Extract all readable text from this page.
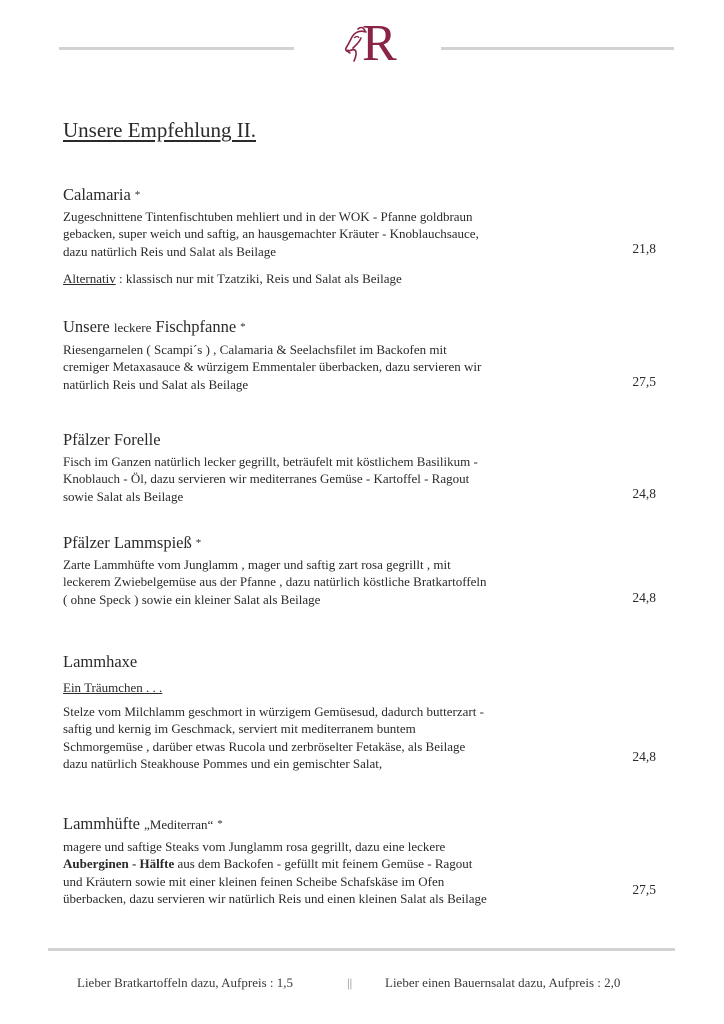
R
Unsere Empfehlung II.
Calamaria *
Zugeschnittene Tintenfischtuben mehliert und in der WOK - Pfanne goldbraun gebacken, super weich und saftig, an hausgemachter Kräuter - Knoblauchsauce, dazu natürlich Reis und Salat als Beilage
Alternativ : klassisch nur mit Tzatziki, Reis und Salat als Beilage
21,8
Unsere leckere Fischpfanne *
Riesengarnelen ( Scampi´s ) , Calamaria & Seelachsfilet im Backofen mit cremiger Metaxasauce & würzigem Emmentaler überbacken, dazu servieren wir natürlich Reis und Salat als Beilage	27,5
Pfälzer Forelle
Fisch im Ganzen natürlich lecker gegrillt, beträufelt mit köstlichem Basilikum - Knoblauch - Öl, dazu servieren wir mediterranes Gemüse - Kartoffel - Ragout sowie Salat als Beilage	24,8
Pfälzer Lammspieß *
Zarte Lammhüfte vom Junglamm , mager und saftig zart rosa gegrillt , mit leckerem Zwiebelgemüse aus der Pfanne , dazu natürlich köstliche Bratkartoffeln ( ohne Speck ) sowie ein kleiner Salat als Beilage	24,8
Lammhaxe
Ein Träumchen . . .
Stelze vom Milchlamm geschmort in würzigem Gemüsesud, dadurch butterzart - saftig und kernig im Geschmack, serviert mit mediterranem buntem Schmorgemüse , darüber etwas Rucola und zerbröselter Fetakäse, als Beilage dazu natürlich Steakhouse Pommes und ein gemischter Salat,	24,8
Lammhüfte „Mediterran“ *
magere und saftige Steaks vom Junglamm rosa gegrillt, dazu eine leckere Auberginen - Hälfte aus dem Backofen - gefüllt mit feinem Gemüse - Ragout und Kräutern sowie mit einer kleinen feinen Scheibe Schafskäse im Ofen überbacken, dazu servieren wir natürlich Reis und einen kleinen Salat als Beilage
27,5
Lieber Bratkartoffeln dazu, Aufpreis : 1,5	||	Lieber einen Bauernsalat dazu, Aufpreis : 2,0
